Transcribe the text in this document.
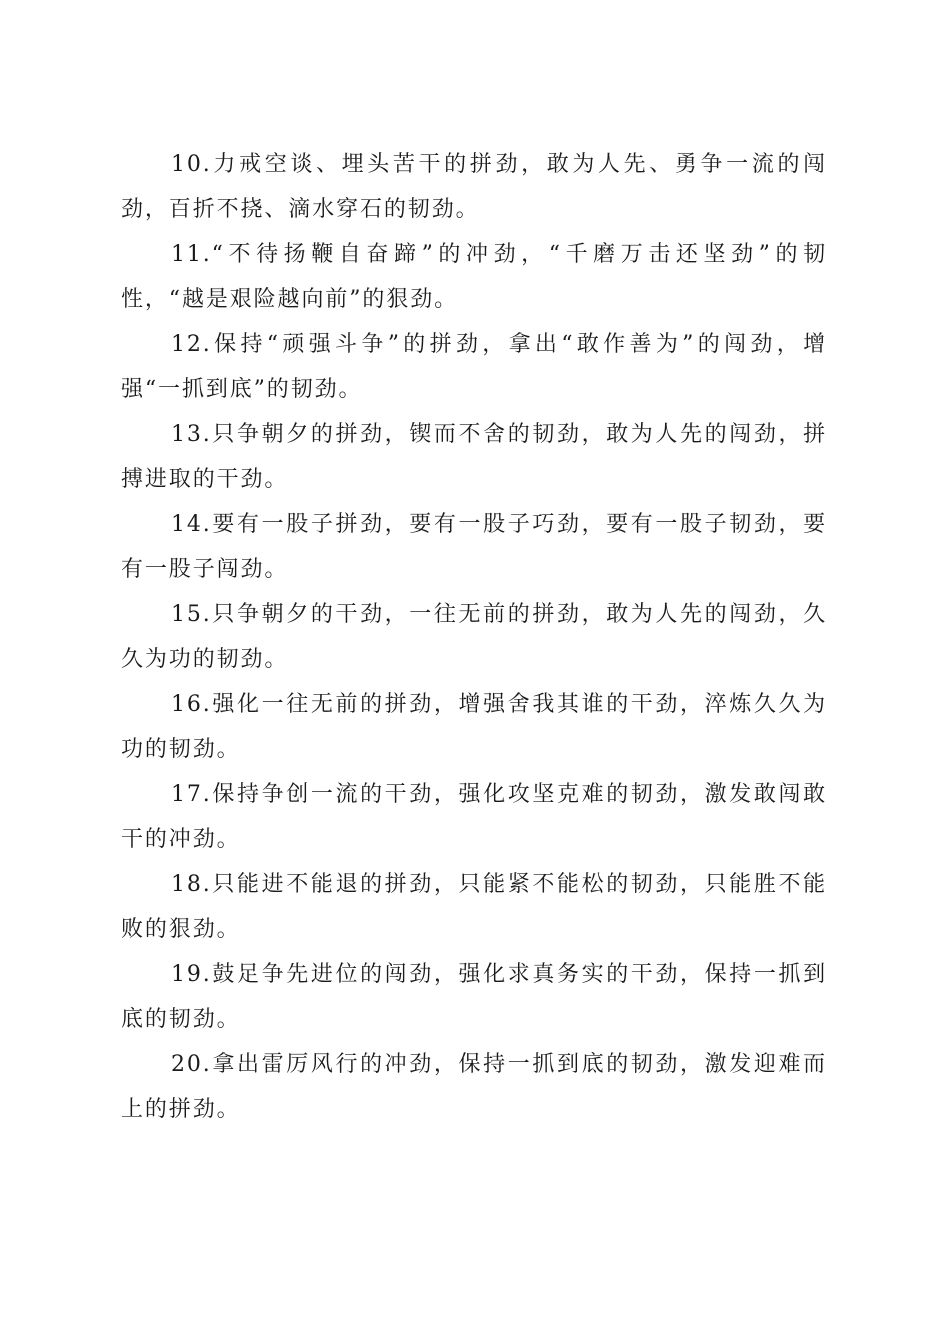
10.力戒空谈、埋头苦干的拼劲，敢为人先、勇争一流的闯劲，百折不挠、滴水穿石的韧劲。

11.“不待扬鞭自奋蹄”的冲劲，“千磨万击还坚劲”的韧性，“越是艰险越向前”的狠劲。

12.保持“顽强斗争”的拼劲，拿出“敢作善为”的闯劲，增强“一抓到底”的韧劲。

13.只争朝夕的拼劲，锲而不舍的韧劲，敢为人先的闯劲，拼搏进取的干劲。

14.要有一股子拼劲，要有一股子巧劲，要有一股子韧劲，要有一股子闯劲。

15.只争朝夕的干劲，一往无前的拼劲，敢为人先的闯劲，久久为功的韧劲。

16.强化一往无前的拼劲，增强舍我其谁的干劲，淬炼久久为功的韧劲。

17.保持争创一流的干劲，强化攻坚克难的韧劲，激发敢闯敢干的冲劲。

18.只能进不能退的拼劲，只能紧不能松的韧劲，只能胜不能败的狠劲。

19.鼓足争先进位的闯劲，强化求真务实的干劲，保持一抓到底的韧劲。

20.拿出雷厉风行的冲劲，保持一抓到底的韧劲，激发迎难而上的拼劲。
